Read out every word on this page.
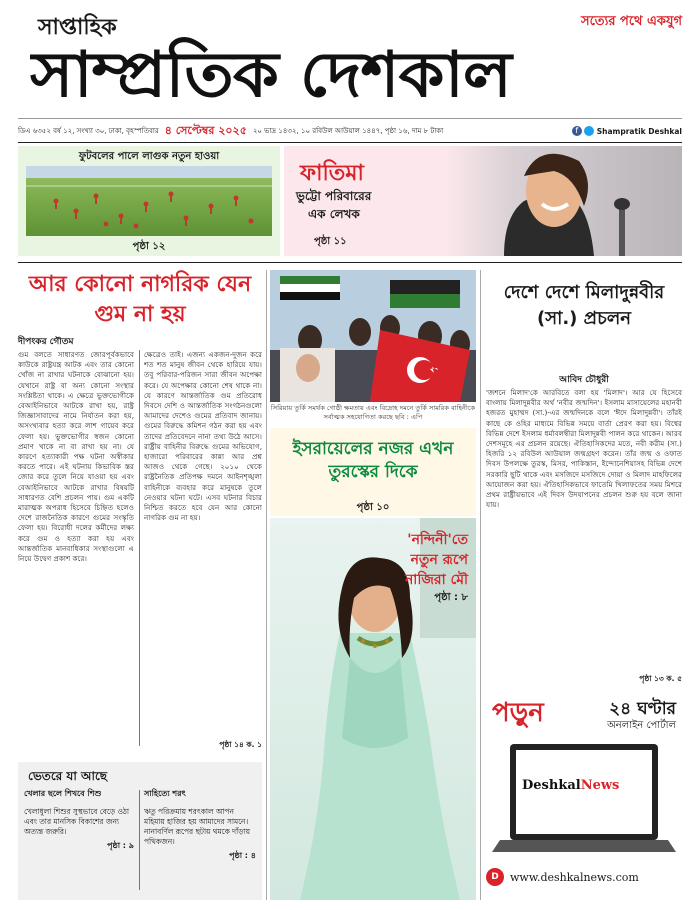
সাপ্তাহিক	সত্যের পথে একযুগ
সাম্প্রতিক দেশকাল
ডিএ ৬৩৫২ বর্ষ ১২, সংখ্যা ৩০, ঢাকা, বৃহস্পতিবার ৪ সেপ্টেম্বর ২০২৫ ২০ ভাদ্র ১৪৩২, ১০ রবিউল আউয়াল ১৪৪৭, পৃষ্ঠা ১৬, দাম ৮ টাকা	f	Shampratik Deshkal
ফুটবলের পালে লাগুক নতুন হাওয়া
পৃষ্ঠা ১২
ফাতিমা
ভুট্টো পরিবারের
এক লেখক
পৃষ্ঠা ১১
আর কোনো নাগরিক যেন গুম না হয়
দীপংকর গৌতম

গুম বলতে সাধারণত জোরপূর্বকভাবে কাউকে রাষ্ট্রযন্ত্র আটক এবং তার কোনো খোঁজ না রাখার ঘটনাকে বোঝানো হয়। যেখানে রাষ্ট্র বা অন্য কোনো সংস্থার সংশ্লিষ্টতা থাকে। এ ক্ষেত্রে ভুক্তভোগীকে বেআইনিভাবে আটকে রাখা হয়, রাষ্ট্র জিজ্ঞাসাবাদের নামে নির্যাতন করা হয়, অসংখ্যবার হত্যা করে লাশ গায়েব করে ফেলা হয়। ভুক্তভোগীর স্বজন কোনো প্রমাণ খাকে না বা রাখা হয় না। যে কারণে হত্যাকারী পক্ষ ঘটনা অস্বীকার করতে পারে। এই ঘটনায় কিভাবিক স্তর জোর করে তুলে নিয়ে যাওয়া হয় এবং বেআইনিভাবে আটকে রাখার বিষয়টি সাধারণত বেশি প্রচলন পায়। গুম একটি মারাত্মক অপরাধ হিসেবে চিহ্নিত হলেও দেশে রাজনৈতিক কারণে গুমের সংস্কৃতি ফেলা হয়। বিরোধী দলের কর্মীদের লক্ষ্য করে গুম ও হত্যা করা হয় এবং আন্তর্জাতিক মানবাধিকার সংস্থাগুলো এ নিয়ে উদ্বেগ প্রকাশ করে।

ক্ষেত্রেও তাই। এজন্য একজন-দুজন করে শত শত মানুষ জীবন থেকে হারিয়ে যায়। তবু পরিবার-পরিজন সারা জীবন অপেক্ষা করে। যে অপেক্ষার কোনো শেষ থাকে না। যে কারণে আন্তর্জাতিক গুম প্রতিরোধ দিবসে দেশি ও আন্তর্জাতিক সংগঠনগুলো আমাদের দেশেও গুমের প্রতিবাদ জানায়। গুমের বিরুদ্ধে কমিশন গঠন করা হয় এবং তাদের প্রতিবেদনে নানা তথ্য উঠে আসে। রাষ্ট্রীয় বাহিনীর বিরুদ্ধে গুমের অভিযোগ, হাজারো পরিবারের কান্না আর প্রশ্ন আজও থেকে গেছে। ২০১০ থেকে রাষ্ট্রনৈতিক প্রতিপক্ষ দমনে আইনশৃঙ্খলা বাহিনীকে ব্যবহার করে মানুষকে তুলে নেওয়ার ঘটনা ঘটে। এসব ঘটনার বিচার নিশ্চিত করতে হবে যেন আর কোনো নাগরিক গুম না হয়।

পৃষ্ঠা ১৪ ক. ১
সিরিয়ায় তুর্কি সমর্থক গোষ্ঠী ক্ষমতায় এবং বিদ্রোহ দমনে তুর্কি সামরিক বাহিনীকে সর্বাত্মক সহযোগিতা করছে ছবি : এপি
ইসরায়েলের নজর এখন তুরস্কের দিকে
পৃষ্ঠা ১০
'নন্দিনী'তে
নতুন রূপে
নাজিরা মৌ
পৃষ্ঠা : ৮
দেশে দেশে মিলাদুন্নবীর (সা.) প্রচলন
আবিদ চৌধুরী

'জশনে মিলাদ'কে আরবিতে বলা হয় 'মিলাদ'। আর যে হিসেবে বাংলায় মিলাদুন্নবীর অর্থ 'নবীর জন্মদিন'। ইসলাম মাসায়েলের মহানবী হজরত মুহাম্মদ (সা.)-এর জন্মদিনকে বলে 'ঈদে মিলাদুন্নবী'। তাঁরই কাছে কে ওহির মাধ্যমে বিভিন্ন সময়ে বার্তা প্রেরণ করা হয়। বিশ্বের বিভিন্ন দেশে ইসলাম ধর্মাবলম্বীরা মিলাদুন্নবী পালন করে থাকেন। আরব দেশসমূহে এর প্রচলন রয়েছে। ঐতিহাসিকদের মতে, নবী করীম (সা.) হিজরি ১২ রবিউল আউয়াল জন্মগ্রহণ করেন। তাঁর জন্ম ও ওফাত দিবস উপলক্ষে তুরস্ক, মিসর, পাকিস্তান, ইন্দোনেশিয়াসহ বিভিন্ন দেশে সরকারি ছুটি থাকে এবং মসজিদে মসজিদে দোয়া ও মিলাদ মাহফিলের আয়োজন করা হয়। ঐতিহাসিকভাবে ফাতেমি খিলাফতের সময় মিশরে প্রথম রাষ্ট্রীয়ভাবে এই দিবস উদযাপনের প্রচলন শুরু হয় বলে জানা যায়।

পৃষ্ঠা ১৩ ক. ৫
পড়ুন	২৪ ঘণ্টার
অনলাইন পোর্টাল
DeshkalNews
D	www.deshkalnews.com
ভেতরে যা আছে
খেলার ছলে শিখবে শিশু
খেলাধুলা শিশুর সুস্থভাবে বেড়ে ওঠা এবং তার মানসিক বিকাশের জন্য অত্যন্ত জরুরি।
পৃষ্ঠা : ৯
সাহিত্যে শরৎ
ঋতু পরিক্রমায় শরৎকাল আপন মহিমায় হাজির হয় আমাদের সামনে। নানাবর্ণিল রূপের ছটায় থমকে দাঁড়ায় পথিকজন।
পৃষ্ঠা : ৪
